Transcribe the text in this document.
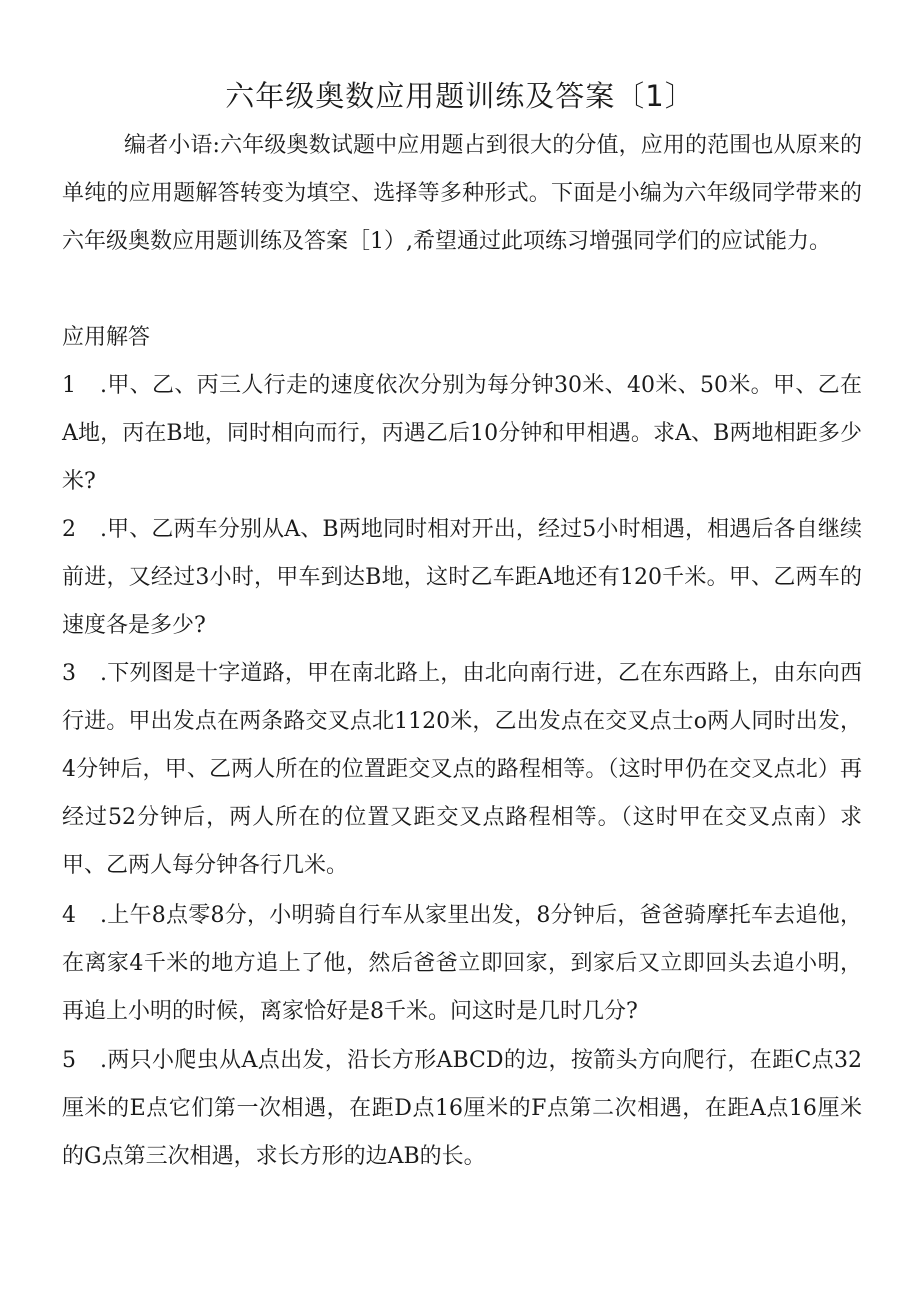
六年级奥数应用题训练及答案〔1〕

编者小语:六年级奥数试题中应用题占到很大的分值，应用的范围也从原来的单纯的应用题解答转变为填空、选择等多种形式。下面是小编为六年级同学带来的六年级奥数应用题训练及答案［1）,希望通过此项练习增强同学们的应试能力。

应用解答

1 .甲、乙、丙三人行走的速度依次分别为每分钟30米、40米、50米。甲、乙在A地，丙在B地，同时相向而行，丙遇乙后10分钟和甲相遇。求A、B两地相距多少米?

2 .甲、乙两车分别从A、B两地同时相对开出，经过5小时相遇，相遇后各自继续前进，又经过3小时，甲车到达B地，这时乙车距A地还有120千米。甲、乙两车的速度各是多少?

3 .下列图是十字道路，甲在南北路上，由北向南行进，乙在东西路上，由东向西行进。甲出发点在两条路交叉点北1120米，乙出发点在交叉点士o两人同时出发，4分钟后，甲、乙两人所在的位置距交叉点的路程相等。（这时甲仍在交叉点北）再经过52分钟后，两人所在的位置又距交叉点路程相等。（这时甲在交叉点南）求甲、乙两人每分钟各行几米。

4 .上午8点零8分，小明骑自行车从家里出发，8分钟后，爸爸骑摩托车去追他，在离家4千米的地方追上了他，然后爸爸立即回家，到家后又立即回头去追小明，再追上小明的时候，离家恰好是8千米。问这时是几时几分?

5 .两只小爬虫从A点出发，沿长方形ABCD的边，按箭头方向爬行，在距C点32厘米的E点它们第一次相遇，在距D点16厘米的F点第二次相遇，在距A点16厘米的G点第三次相遇，求长方形的边AB的长。
